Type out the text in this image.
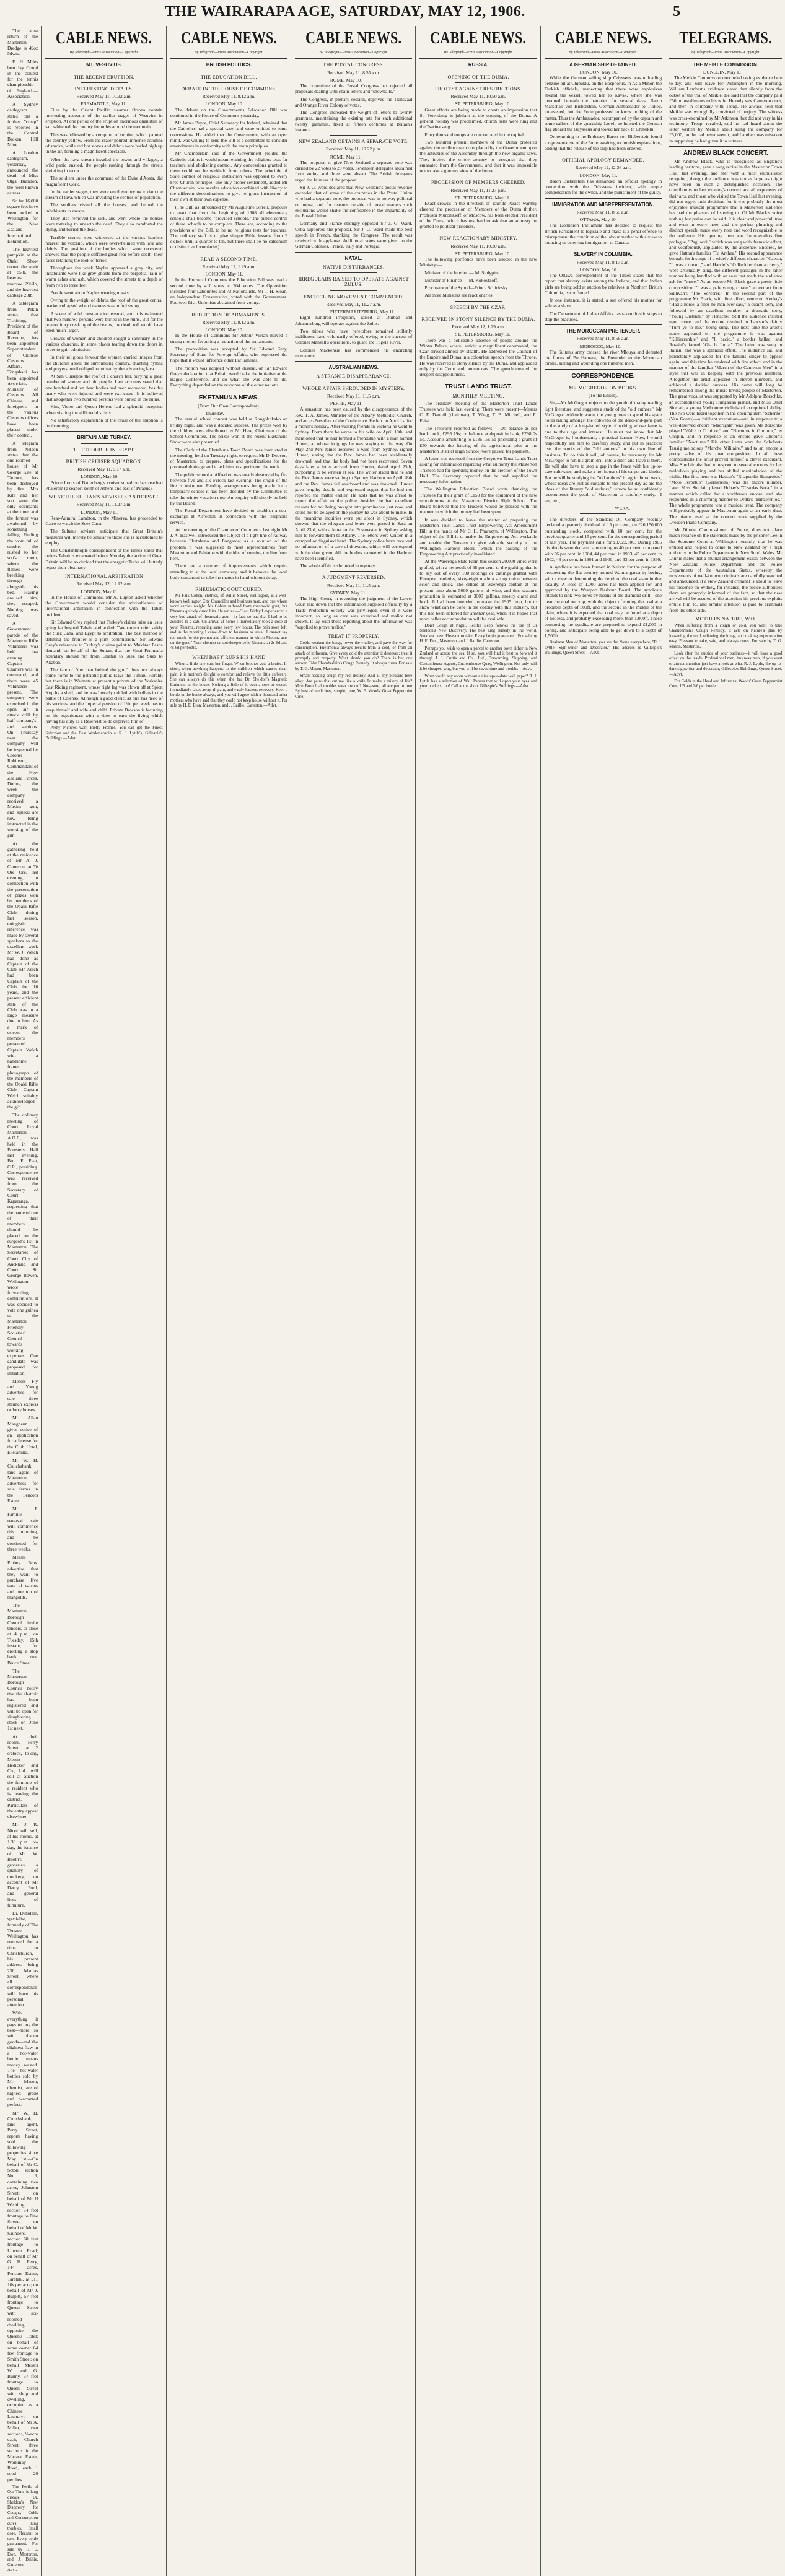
THE WAIRARAPA AGE, SATURDAY, MAY 12, 1906.	5

The latest return of the Masterton Dredge is 49oz 5dwts.

E. H. Miles beat Jay Gould in the contest for the tennis championship of England.—Association.

A Sydney cablegram states that a further "creep" is reported in the Central Broken Hill Mine.

A London cablegram, yesterday, announced the death of Miss Olga Brandon, the well-known actress.

So far 16,000 square feet have been booked in Wellington for the New Zealand International Exhibition.

The heaviest pumpkin at the Otaki Show turned the scale at 85lb, the heaviest marrow 29½lb, and the heaviest cabbage 20lb.

A cablegram from Pekin states that Tichfsing, President of the Board of Revenue, has been appointed Superintendent of Chinese Customs Affairs. Tongshaoi has been appointed Associate-Minister of Customs. All Chinese and foreigners in the various Customs offices have been placed under their control.

A telegram from Nelson states that the one-roomed house of Mr George Kite, at Tadmor, has been destroyed by fire. Mrs Kite and her son were the only occupants at the time, and the former was awakened by something falling. Finding the room full of smoke, she rushed to her son's room, where the flames were breaking through alongside his bed. Having aroused him, they escaped. Nothing was saved.

A Government parade of the Masterton Rifle Volunteers was held last evening. Captain Charters was in command, and there were 45 Volunteers present. The company were exercised in the open air in attack drill by half-company's and sections. On Thursday next the company will be inspected by Colonel Robinson, Commandant of the New Zealand Forces. During the week the company received a Maxim gun, and squads are now being instructed in the working of the gun.

At the gathering held at the residence of Mr A. J. Cameron, at Te Ore Ore, last evening, in connection with the presentation of prizes won by members of the Opaki Rifle Club, during last season, eulogistic reference was made by several speakers to the excellent work Mr W. J. Welch had done as Captain of the Club. Mr Welch had been Captain of the Club for 16 years, and the present efficient state of the Club was in a large measure due to him. As a mark of esteem the members presented Captain Welch with a handsome framed photograph of the members of the Opaki Rifle Club. Captain Welch suitably acknowledged the gift.

The ordinary meeting of Court Loyal Masterton, A.O.F., was held in the Foresters' Hall last evening, Bro. F. Peat, C.R., presiding. Correspondence was received from the Secretary of Court Kaparanga, requesting that the name of one of their members should be placed on the surgeon's list in Masterton. The Secretaries of Court City of Auckland and Court Sir George Bowen, Wellington, wrote forwarding contributions. It was decided to vote one guinea to the Masterton Friendly Societies' Council towards working expenses. One candidate was proposed for initiation.

Messrs Fly and Young advertise for sale three staunch express or lorry horses.

Mr Allan Mangnenn gives notice of an application for a license for the Club Hotel, Eketahuna.

Mr W. H. Cruickshank, land agent, of Masterton, advertises for sale farms in the Pencors Estate.

Mr P. Famill's removal sale will commence this morning, and be continued for three weeks.

Messrs Finbey Bros. advertise that they want to purchase five tons of carrots and one ton of mangolds.

The Masterton Borough Council invite tenders, to close at 4 p.m., on Tuesday, 15th instant, for erecting a stop bank near Bruce Street.

The Masterton Borough Council notify that the abattoir has been registered and will be open for slaughtering stock on June 1st next.

At their rooms, Perry Street, at 2 o'clock, to-day, Messrs Hedicker and Co., Ltd., will sell at auction the furniture of a resident who is leaving the district. Particulars of the entry appear elsewhere.

Mr J. R. Nicol will sell, at his rooms, at 1.30 p.m. to-day, the balance of Mr W. Booth's groceries, a quantity of crockery, on account of Mr Darcy Ford, and general lines of furniture.

Dr. Dinsdale, specialist, formerly of The Terrace, Wellington, has removed for a time to Christchurch, his present address being 230, Madras Street, where all correspondence will have his personal attention.

With everything it pays to buy the best—more so with tobacco goods—and the slightest flaw in a hot-water bottle means money wasted. The hot-water bottles sold by Mr Mason, chemist, are of highest grade and warranted perfect.

Mr W. H. Cruickshank, land agent, Perry Street, reports having sold the following properties since May 1st:—On behalf of Mr C. Soton section No. 6, containing two acres, Johnston Street; on behalf of Mr H Wedding, section 54 feet frontage to Pine Street; on behalf of Mr W. Saunders, section 60 feet frontage to Lincoln Road; on behalf of Mr G. H. Perry, 144 acres, Pencors Estate, Taratahi, at £11 10s per acre; on behalf of Mr J. Bulpitt, 57 feet frontage to Queen Street with six-roomed dwelling, opposite the Queen's Hotel; on behalf of same owner 64 feet frontage to Smith Street; on behalf Messrs W. and G. Bunny, 57 feet frontage to Queen Street with shop and dwelling, occupied as a Chinese Laundry; on behalf of Mr A. Miller, two sections, ¼-acre each, Church Street; three sections in the Macara Estate, Workmay Road, each 1 rood 20 perches.

The Perils of Our Time is lung disease. Dr. Sheldon's New Discovery for Coughs, Colds and Consumption cures lung troubles. Small dose. Pleasant to take. Every bottle guaranteed. For sale by H. E. Eton, Masterton, and J. Baillie, Carterton.—Advt.

CABLE NEWS.
By Telegraph—Press Association—Copyright.
MT. VESUVIUS.
THE RECENT ERUPTION.
INTERESTING DETAILS.
Received May 11, 10.32 a.m.
FREMANTLE, May 11.

Files by the Orient Pacific steamer Ortona contain interesting accounts of the earlier stages of Vesuvius in eruption. At one period of the eruption enormous quantities of salt whitened the country for miles around the mountain.

This was followed by an eruption of sulphur, which painted the country yellow. From the crater poured immense columns of smoke, while red hot stones and debris were hurled high up in the air, forming a magnificent spectacle.

When the lava stream invaded the towns and villages, a wild panic ensued, the people rushing through the streets shrieking in terror.

The soldiers under the command of the Duke d'Aosta, did magnificent work.

In the earlier stages, they were employed trying to dam the stream of lava, which was invading the centres of population.

The soldiers visited all the houses, and helped the inhabitants to escape.

They also removed the sick, and went where the houses were tottering to unearth the dead. They also comforted the dying, and buried the dead.

Terrible scenes were witnessed at the various hamlets nearest the volcano, which were overwhelmed with lava and debris. The position of the bodies which were recovered showed that the people suffered great fear before death, their faces retaining the look of terror.

Throughout the week Naples appeared a grey city, and inhabitants were like grey ghosts from the perpetual rain of warm ashes and ash, which covered the streets to a depth of from two to three feet.

People went about Naples wearing masks.

Owing to the weight of debris, the roof of the great central market collapsed when business was in full swing.

A scene of wild consternation ensued, and it is estimated that two hundred persons were buried in the ruins. But for the premonitory creaking of the beams, the death roll would have been much larger.

Crowds of women and children sought a sanctuary in the various churches, in some places tearing down the doors in order to gain admission.

In their religious fervour the women carried images from the churches about the surrounding country, chanting hymns and prayers, until obliged to retreat by the advancing lava.

At San Guiseppe the roof of a church fell, burying a great number of women and old people. Last accounts stated that one hundred and ten dead bodies had been recovered, besides many who were injured and were extricated. It is believed that altogether two hundred persons were buried in the ruins.

King Victor and Queen Helene had a splendid reception when visiting the afflicted districts.

No satisfactory explanation of the cause of the eruption is forthcoming.

BRITAIN AND TURKEY.
THE TROUBLE IN EGYPT.
BRITISH CRUISER SQUADRON.
Received May 11, 9.17 a.m.
LONDON, May 10.

Prince Louis of Battenberg's cruiser squadron has reached Phaleram (a seaport south of Athens and east of Piraeus).

WHAT THE SULTAN'S ADVISERS ANTICIPATE.
Received May 11, 11.27 a.m.
LONDON, May 11.

Rear-Admiral Lambton, in the Minerva, has proceeded to Cairo to watch the Suez Canal.

The Sultan's advisers anticipate that Great Britain's measures will merely be similar to those she is accustomed to employ.

The Constantinople correspondent of the Times states that unless Tabah is evacuated before Monday the action of Great Britain will be so decided that the energetic Turks will bitterly regret their obstinacy.

INTERNATIONAL ARBITRATION
Received May 12, 12.12 a.m.
LONDON, May 11.

In the House of Commons, Mr A. Lupton asked whether the Government would consider the advisableness of international arbitration in connection with the Tabah incident.

Sir Edward Grey replied that Turkey's claims raise an issue going far beyond Tabah, and added: "We cannot refer safely the Suez Canal and Egypt to arbitration. The best method of defining the frontier is a joint commission." Sir Edward Grey's reference to Turkey's claims point to Mukhtar Pasha demand, on behalf of the Sultan, that the Sinai Peninsula boundary should run from Elrafah to Suez and Suez to Akabah.

The fate of "the man behind the gun," does not always come home to the patriotic public (says the Timaru Herald) but there is in Waimate at present a private of the Yorkshire East Riding regiment, whose right leg was blown off at Spion Kop by a shell, and he was literally riddled with bullets in the battle of Colenso. Although a good cleric, as one has need of his services, and the Imperial pension of 1½d per week has to keep himself and wife and child. Private Dawson is lecturing on his experiences with a view to earn the living which having his duty as a Reservist to do deprived him of.

Pretty Pictures want Pretty Frames. You can get the Finest Selection and the Best Workmanship at R. J. Lyttle's, Gillespie's Buildings.—Advt.

CABLE NEWS.
By Telegraph—Press Association—Copyright.
BRITISH POLITICS.
THE EDUCATION BILL.
DEBATE IN THE HOUSE OF COMMONS.
Received May 11, 8.12 a.m.
LONDON, May 10.

The debate on the Government's Education Bill was continued in the House of Commons yesterday.

Mr James Bryce, Chief Secretary for Ireland, admitted that the Catholics had a special case, and were entitled to some concessions. He added that the Government, with an open mind, was willing to send the Bill to a committee to consider amendments in conformity with the main principles.

Mr Chamberlain said if the Government yielded the Catholic claims it would mean retaining the religious tests for teachers and abolishing control. Any concessions granted to them could not be withheld from others. The principle of State control of religious instruction was opposed to every Free Church principle. The only proper settlement, added Mr Chamberlain, was secular education combined with liberty to the different denominations to give religious instruction of their own at their own expense.

(The Bill, as introduced by Mr Augustine Birrell, proposes to enact that from the beginning of 1908 all elementary schools shall become "provided schools," the public control of these schools to be complete. There are, according to the provisions of the Bill, to be no religious tests for teachers. The ordinary staff is to give simple Bible lessons from 9 o'clock until a quarter to ten, but there shall be no catechism or distinctive formularies).

READ A SECOND TIME.
Received May 12, 1.29 a.m.
LONDON, May 11.

In the House of Commons the Education Bill was read a second time by 410 votes to 204 votes. The Opposition included four Labourites and 73 Nationalists. Mr T. H. Sloan, an Independent Conservative, voted with the Government. Fourteen Irish Unionists abstained from voting.

REDUCTION OF ARMAMENTS.
Received May 11, 8.12 a.m.
LONDON, May 10.

In the House of Commons Sir Arthur Vivian moved a strong motion favouring a reduction of the armaments.

The proposition was accepted by Sir Edward Grey, Secretary of State for Foreign Affairs, who expressed the hope that it would influence other Parliaments.

The motion was adopted without dissent, on Sir Edward Grey's declaration that Britain would take the initiative at the Hague Conference, and do what she was able to do. Everything depended on the response of the other nations.

EKETAHUNA NEWS.
(From Our Own Correspondent).
Thursday.

The annual school concert was held at Rongokokako on Friday night, and was a decided success. The prizes won by the children were distributed by Mr Hare, Chairman of the School Committee. The prizes won at the recent Eketahuna Show were also presented.

The Clerk of the Eketahuna Town Board was instructed at the meeting, held on Tuesday night, to request Mr D. Dobson, of Masterton, to prepare, plans and specifications for the proposed drainage and to ask him to superintend the work.

The public school at Alfredton was totally destroyed by fire between five and six o'clock last evening. The origin of the fire is unknown. Pending arrangements being made for a temporary school it has been decided by the Committee to take the winter vacation now. An enquiry will shortly be held by the Board.

The Postal Department have decided to establish a sub-exchange at Alfredton in connection with the telephone service.

At the meeting of the Chamber of Commerce last night Mr J. A. Hastwell introduced the subject of a light line of railway between Eketahuna and Pongaroa; as a solution of the problem it was suggested to meet representatives from Masterton and Pahiatua with the idea of running the line from here.

There are a number of improvements which require attending to at the local cemetery, and it behoves the local body concerned to take the matter in hand without delay.

RHEUMATIC GOUT CURED.

Mr Falk Cohen, clothier, of Willis Street, Wellington, is a well-known Wellington City Councillor and business man, and one whose word carries weight. Mr Cohen suffered from rheumatic gout, but Rheuma quickly cured him. He writes:—"Last Friday I experienced a very bad attack of rheumatic gout—in fact, so bad that I had to be assisted to a cab. On arrival at home I immediately took a dose of your Rheuma, repeating same every few hours. The pain soon left, and in the morning I came down to business as usual. I cannot say too much for the prompt and efficient manner in which Rheuma acts on the gout." Your chemist or storekeeper sells Rheuma at 2s 6d and 4s 6d per bottle.

WHEN BABY RUNS HIS HAND

When a little one cuts her finger. When brother gets a bruise. In short, when anything happens to the children which causes them pain, it is mother's delight to comfort and relieve the little sufferers. She can always do this when she has Dr. Sheldon's Magnetic Liniment in the house. Nothing a little of it over a sore or wound immediately takes away all pain, and vastly hastens recovery. Keep a bottle in the house always, and you will agree with a thousand other mothers who have said that they could not keep house without it. For sale by H. E. Eton, Masterton, and J. Baillie, Carterton.—Advt.

CABLE NEWS.
By Telegraph—Press Association—Copyright.
THE POSTAL CONGRESS.
Received May 11, 8.55 a.m.
ROME, May 10.

The committee of the Postal Congress has rejected all proposals dealing with chain-letters and "snowballs."

The Congress, in plenary session, deprived the Transvaal and Orange River Colony of votes.

The Congress increased the weight of letters to twenty grammes, maintaining the existing rate for each additional twenty grammes, fixed at fifteen centimes at Britain's instance.

NEW ZEALAND OBTAINS A SEPARATE VOTE.
Received May 11, 10.22 p.m.
ROME, May 11.

The proposal to give New Zealand a separate vote was carried by 22 votes to 20 votes. Seventeen delegates abstained from voting and three were absent. The British delegates urged the fairness of the proposal.

Sir J. G. Ward declared that New Zealand's postal revenue exceeded that of some of the countries in the Postal Union who had a separate vote, the proposal was in no way political or unjust, and for reasons outside of postal matters such exclusions would shake the confidence in the impartiality of the Postal Union.

Germany and France strongly opposed Sir J. G. Ward. Cuba supported the proposal. Sir J. G. Ward made the best speech in French, thanking the Congress. The result was received with applause. Additional votes were given to the German Colonies, France, Italy and Portugal.

NATAL.
NATIVE DISTURBANCES.
IRREGULARS RAISED TO OPERATE AGAINST ZULUS.
ENCIRCLING MOVEMENT COMMENCED.
Received May 11, 11.27 a.m.
PIETERMARITZBURG, May 11.

Eight hundred irregulars, raised at Durban and Johannesburg will operate against the Zulus.

Two tribes who have heretofore remained sullenly indifferent have voluntarily offered, owing to the success of Colonel Mansell's operations, to guard the Tugela River.

Colonel Mackenzie has commenced his encircling movement.

AUSTRALIAN NEWS.
A STRANGE DISAPPEARANCE.
WHOLE AFFAIR SHROUDED IN MYSTERY.
Received May 11, 11.5 p.m.
PERTH, May 11.

A sensation has been caused by the disappearance of the Rev. T. A. James, Minister of the Albany Methodist Church, and an ex-President of the Conference. He left on April 1st for a month's holiday. After visiting friends in Victoria he went to Sydney. From there he wrote to his wife on April 10th, and mentioned that he had formed a friendship with a man named Hunter, at whose lodgings he was staying on the way. On May 2nd Mrs James received a wire from Sydney, signed Hunter, stating that the Rev. James had been accidentally drowned, and that the body had not been recovered. Seven days later a letter arrived from Hunter, dated April 25th, purporting to be written at sea. The writer stated that he and the Rev. James were sailing to Sydney Harbour on April 18th and the Rev. James fell overboard and was drowned. Hunter gave lengthy details and expressed regret that he had not reported the matter earlier. He adds that he was afraid to report the affair to the police; besides, he had excellent reasons for not being brought into prominence just now, and could not be delayed on the journey he was about to make. In the meantime inquiries were put afoot in Sydney, which showed that the telegram and letter were posted in Sara on April 23rd, with a letter to the Postmaster in Sydney asking him to forward them to Albany. The letters were written in a cramped or disguised hand. The Sydney police have received no information of a case of drowning which will correspond with the date given. All the bodies recovered in the Harbour have been identified.

The whole affair is shrouded in mystery.

A JUDGMENT REVERSED.
Received May 11, 11.5 p.m.
SYDNEY, May 11.

The High Court, in reversing the judgment of the Lower Court laid down that the information supplied officially by a Trade Protection Society was privileged, even if it were incorrect, so long as care was exercised and malice not shown. It lay with those reporting about the information was "supplied to prove malice."

TREAT IT PROPERLY.

Colds weaken the lungs, lower the vitality, and pave the way for consumption. Pneumonia always results from a cold, or from an attack of influenza. Give every cold the attention it deserves; treat it promptly and properly. What should you do? There is but one answer. Take Chamberlain's Cough Remedy. It always cures. For sale by T. G. Mason, Masterton.

Small hacking cough my rest destroy, And all my pleasure here alloy; Are pains that cut me like a knife To make a misery of life? Must Bronchial troubles wear me out? No—sure, all are put to rout By best of medicines, simple, pure, W. E. Woods' Great Peppermint Cure.

CABLE NEWS.
By Telegraph—Press Association—Copyright.
RUSSIA.
OPENING OF THE DUMA.
PROTEST AGAINST RESTRICTIONS.
Received May 11, 10.50 a.m.
ST. PETERSBURG, May 10.

Great efforts are being made to create an impression that St. Petersburg is jubilant at the opening of the Duma. A general holiday was proclaimed, church bells were rung and the Tsarina sang.

Forty thousand troops are concentrated in the capital.

Two hundred present members of the Duma protested against the terrible restriction placed by the Government upon the activities of the Assembly through the new organic laws. They invited the whole country to recognise that they emanated from the Government, and that it was impossible not to take a gloomy view of the future.

PROCESSION OF MEMBERS CHEERED.
Received May 11, 11.27 p.m.
ST. PETERSBURG, May 11.

Exact crowds in the direction of Tauride Palace warmly cheered the procession of Members of the Duma thither. Professor Muromtseff, of Moscow, has been elected President of the Duma, which has resolved to ask that an amnesty be granted to political prisoners.

NEW REACTIONARY MINISTRY.
Received May 11, 10.30 a.m.
ST. PETERSBURG, May 10.

The following portfolios have been allotted in the new Ministry:—

Minister of the Interior — M. Stolypine.

Minister of Finance — M. Kokovtzoff.

Procurator of the Synod—Prince Schirinsky.

All three Ministers are reactionaries.

SPEECH BY THE CZAR.
RECEIVED IN STONY SILENCE BY THE DUMA.
Received May 12, 1.29 a.m.
ST. PETERSBURG, May 11.

There was a noticeable absence of people around the Winter Palace, where, amidst a magnificent ceremonial, the Czar arrived almost by stealth. He addressed the Council of the Empire and Duma in a colourless speech from the Throne. He was received in stony silence by the Duma, and applauded only by the Court and bureaucrats. The speech created the deepest disappointment.

TRUST LANDS TRUST.
MONTHLY MEETING.

The ordinary meeting of the Masterton Trust Lands Trustees was held last evening. There were present—Messrs C. E. Daniell (chairman), T. Wagg, T. B. Mitchell, and E. Feist.

The Treasurer reported as follows: —Dr. balance as per bank book, £295 19s; cr. balance at deposit in bank, £798 0s 5d. Accounts amounting to £136 15s 5d (including a grant of £50 towards the fencing of the agricultural plot at the Masterton District High School) were passed for payment.

A letter was received from the Greytown Trust Lands Trust asking for information regarding what authority the Masterton Trustees had for spending money on the erection of the Town Hall. The Secretary reported that he had supplied the necessary information.

The Wellington Education Board wrote thanking the Trustees for their grant of £150 for the equipment of the new schoolrooms at the Masterton District High School. The Board believed that the Trustees would be pleased with the manner in which the money had been spent.

It was decided to leave the matter of preparing the Masterton Trust Lands Trust Empowering Act Amendment Bill in the hands of Mr C. H. Pharazyn, of Wellington. The object of the Bill is to make the Empowering Act workable and enable the Trustees to give valuable security to the Wellington Harbour Board, which the passing of the Empowering Act practically invalidated.

At the Waerenga State Farm this season 20,000 vines were grafted, with a net result of 68 per cent. to the grafting; that is to say out of every 100 rootings or cuttings grafted with European varieties, sixty-eight made a strong union between scion and stock. The cellars at Waerenga contain at the present time about 5000 gallons of wine, and this season's production is estimated at 3000 gallons, mostly claret and hock. It had been intended to make the 1905 crop, but to show what can be done in the colony with this industry, but this has been deferred for another year, when it is hoped that more cellar accommodation will be available.

Don't Cough at Night. Restful sleep follows the use of Dr Sheldon's New Discovery. The best lung remedy in the world. Smallest dose. Pleasant to take. Every bottle guaranteed. For sale by H. E. Eton, Masterton, and J. Baillie, Carterton.

Perhaps you wish to open a parcel to another town either in New Zealand or across the sea. If so, you will find it best to forward it through J. J. Curtis and Co., Ltd., Forwarding, Shipping, and Customhouse Agents, Customhouse Quay, Wellington. Not only will it be cheapest way, but you will be saved time and trouble.—Advt.

What would any room without a nice up-to-date wall paper? R. J. Lyttle has a selection of Wall Papers that will open your eyes and your pockets, too! Call at the shop, Gillespie's Buildings.—Advt.

CABLE NEWS.
By Telegraph—Press Association—Copyright.
A GERMAN SHIP DETAINED.
LONDON, May 10.

While the German sailing ship Odysseus was unloading benzine oil at Chibuklu, on the Bosphorus, in Asia Minor, the Turkish officials, suspecting that there were explosives aboard the vessel, towed her to Kavak, where she was detained beneath the batteries for several days. Baron Marschall von Bieberstein, German Ambassador to Turkey, intervened, but the Porte professed to know nothing of the matter. Thus the Ambassador, accompanied by the captain and some sailors of the guardship Loreli, re-hoisted the German flag aboard the Odysseus and towed her back to Chibuklu.

On returning to the Embassy, Baron von Bieberstein found a representative of the Porte awaiting to furnish explanations, adding that the release of the ship had been ordered.

OFFICIAL APOLOGY DEMANDED.
Received May 12, 12.36 a.m.
LONDON, May 11.

Baron Bieberstein has demanded an official apology in connection with the Odysseus incident, with ample compensation for the owner, and the punishment of the guilty.

IMMIGRATION AND MISREPRESENTATION.
Received May 11, 8.55 a.m.
OTTAWA, May 10.

The Dominion Parliament has decided to request the British Parliament to legislate and make it a penal offence to misrepresent the condition of the labour market with a view to inducing or deterring immigration to Canada.

SLAVERY IN COLUMBIA.
Received May 11, 8.17 a.m.
LONDON, May 10.

The Ottawa correspondent of the Times states that the report that slavery exists among the Indians, and that Indian girls are being sold at auction by relatives in Northern British Columbia, is confirmed.

In one instance, it is stated, a son offered his mother for sale as a slave.

The Department of Indian Affairs has taken drastic steps to stop the practices.

THE MOROCCAN PRETENDER.
Received May 11, 8.56 a.m.
MOROCCO, May 10.

The Sultan's army crossed the river Mlouya and defeated the forces of Bu Hamara, the Pretender to the Moroccan throne, killing and wounding one hundred men.

CORRESPONDENCE.
MR MCGREGOR ON BOOKS.
(To the Editor).

Sir,—Mr McGregor objects to the youth of to-day reading light literature, and suggests a study of the "old authors." Mr McGregor evidently wants the young men to spend his spare hours raking amongst the cobwebs of the dead-and-gone past in the study of a long-haired style of writing whose fame is due to their age and interest. He must not know that Mr McGregor is, I understand, a practical farmer. Now, I would respectfully ask him to carefully study, and put in practical use, the works of the "old authors" in his own line of business. To do this it will, of course, be necessary for Mr McGregor to run his grain-drill into a ditch and leave it there. He will also have to stop a gap in the fence with his up-to-date cultivator, and make a hot-house of his carpet and binder. But he will be studying the "old authors" in agricultural work, whose ideas are just as suitable to the present day as are the ideas of the literary "old authors," whom he so confidently recommends the youth of Masterton to carefully study.—I am, etc.,

WEKA.

The directors of the Standard Oil Company recently declared a quarterly dividend of 15 per cent., on £20,150,000 outstanding stock, compared with 10 per cent. for the previous quarter and 15 per cent. for the corresponding period of last year. The payment calls for £3,022,500. During 1905 dividends were declared amounting to 40 per cent. compared with 36 per cent. in 1904, 44 per cent. in 1903, 45 per cent. in 1902, 48 per cent. in 1901 and 1900, and 33 per cent. in 1899.

A syndicate has been formed in Nelson for the purpose of prospecting the flat country around Waimangaroa by boring, with a view to determining the depth of the coal seam in that locality. A lease of 1,000 acres has been applied for, and approved by the Westport Harbour Board. The syndicate intends to sink two bores by means of the diamond drill—one near the coal outcrop, with the object of cutting the coal at a probable depth of 500ft, and the second in the middle of the plain, where it is expected that coal may be found at a depth of not less, and probably exceeding more, than 1,000ft. Those composing the syndicate are prepared to expend £1,000 in boring, and anticipate being able to get down to a depth of 1,500ft.

Business Men of Masterton, you see the Name everywhere, "R. J. Lyttle, Sign-writer and Decorator." His address is Gillespie's Buildings, Queen Street.—Advt.

TELEGRAMS.
By Telegraph—Press Association—Copyright.
THE MEIKLE COMMISSION.
DUNEDIN, May 11.

The Meikle Commission concluded taking evidence here to-day, and will leave for Wellington in the morning. William Lambert's evidence stated that silently from the outset of the trial of Meikle. He said that the company paid £50 in installments to his wife. He only saw Cameron once, and then in company with Troup. He always held that Meikle was wrongfully convicted of perjury. The witness was cross-examined by Mr Atkinson, but did not vary in his testimony. Troup, recalled, said he had heard about the letter written by Meikle about suing the company for £5,000, but he had never seen it, and Lambert was mistaken in supposing he had given it to witness.

ANDREW BLACK CONCERT.

Mr Andrew Black, who is recognised as England's leading baritone, gave a song recital in the Masterton Town Hall, last evening, and met with a most enthusiastic reception, though the audience was not as large as might have been on such a distinguished occasion. The contributors to last evening's concert are all exponents of their arts, and those who visited the Town Hall last evening, did not regret their decision, for it was probably the most enjoyable musical programme that a Masterton audience has had the pleasure of listening to. Of Mr Black's voice nothing but praise can be said. It is clear and powerful, true and even in every note, and the perfect phrasing and distinct speech, made every note and word recognisable to the audience. His opening item was Leoncavallo's fine prologue, "Pagliacci," which was sung with dramatic effect, and vociferously applauded by the audience. Encored, he gave Hatton's familiar "To Anthea." His second appearance brought forth songs of a widely different character. "Caesar, "It was a dream," and Handel's "O Ruddier than a cherry," were artistically sung, the different passages in the latter number being handled with an ease that made the audience ask for "more." As an encore Mr Black gave a pretty little composition, "I was a pale young curate," an extract from Sullivan's "The Sorcerer." In the second part of the programme Mr Black, with fine effect, rendered Korbay's "Had a horse, a finer no man ever saw," a quaint item, and followed by an excellent number—a dramatic story, "Young Dietrich," by Henschel. Still the audience insisted upon more, and the encore resulted in Lawson's dainty "Turn ye to me," being sung. The next time the artist's name appeared on the programme it was against "Killiecrankie" and "Il bacio," a border ballad, and Rossini's famed "Gia la Luna." The latter was sung in Italian, and was a splendid effort. The audience sat, and persistently applauded for the famous singer to appear again, and this time he rendered with fine effect, and in the manner of the familiar "March of the Cameron Men" in a style that was in keeping with the previous numbers. Altogether the artist appeared in eleven numbers, and achieved a decided success. His name will long be remembered among the music loving people of Masterton. The great vocalist was supported by Mr Adolphe Borschke, an accomplished young Hungarian pianist, and Miss Ethel Sinclair, a young Melbourne violinist of exceptional ability. The two were heard together in the opening item "Scherzo" (Van Goens)—a brilliant execution—and in response to a well-deserved encore "Madrigale" was given. Mr Borschke played "Waltz in C minor," and "Nocturne in G minor," by Chopin, and in response to an encore gave Chopin's familiar "Nocturne." His other items were the Schubert-Tausig melodious "Marche Militaire," and to an encore a pretty valse of his own composition. In all these compositions the artist proved himself a clever executant. Miss Sinclair also had to respond to several encores for her melodious playing and her skilful manipulation of the violin. Her first item was Hauser's "Rhapsodie Hongroise." "Moto Perpetuo" (Gernsheim) was the encore number. Later Miss Sinclair played Hubay's "Czardas Nota," in a manner which called for a vociferous encore, and she responded in a charming manner to Drdla's "Hinzerenjos." The whole programme was a musical treat. The company will probably appear in Masterton again at an early date. The pianos used at the concert were supplied by the Dresden Piano Company.

Mr Dinnie, Commissioner of Police, does not place much reliance on the statement made by the prisoner Lee in the Supreme Court at Wellington recently, that he was enticed and helped to come to New Zealand by a high authority in the Police Department in New South Wales. Mr Dinnie states that a mutual arrangement exists between the New Zealand Police Department and the Police Departments of the Australian States, whereby the movements of well-known criminals are carefully watched and announced. If a New Zealand criminal is about to leave his presence on Sydney, for instance, the police authorities there are promptly informed of the fact, so that the new arrival will be assured of the attention his previous exploits entitle him to, and similar attention is paid to criminals from the other side.

MOTHERS NATURE, W.O.

When suffering from a cough or cold, you want to take Chamberlain's Cough Remedy. It acts on Nature's plan by loosening the cold, relieving the lungs, and making expectoration easy. Pleasant to take, safe, and always cures. For sale by T. G. Mason, Masterton.

Look after the outside of your business—it will have a good effect on the inside. Professional men, business men, if you want to attract attention just have a look at what R. J. Lyttle, the up-to-date signwriter and decorator, Gillespie's Buildings, Queen Street.—Advt.

For Colds in the Head and Influenza, Woods' Great Peppermint Cure, 1/6 and 2/6 per bottle.
